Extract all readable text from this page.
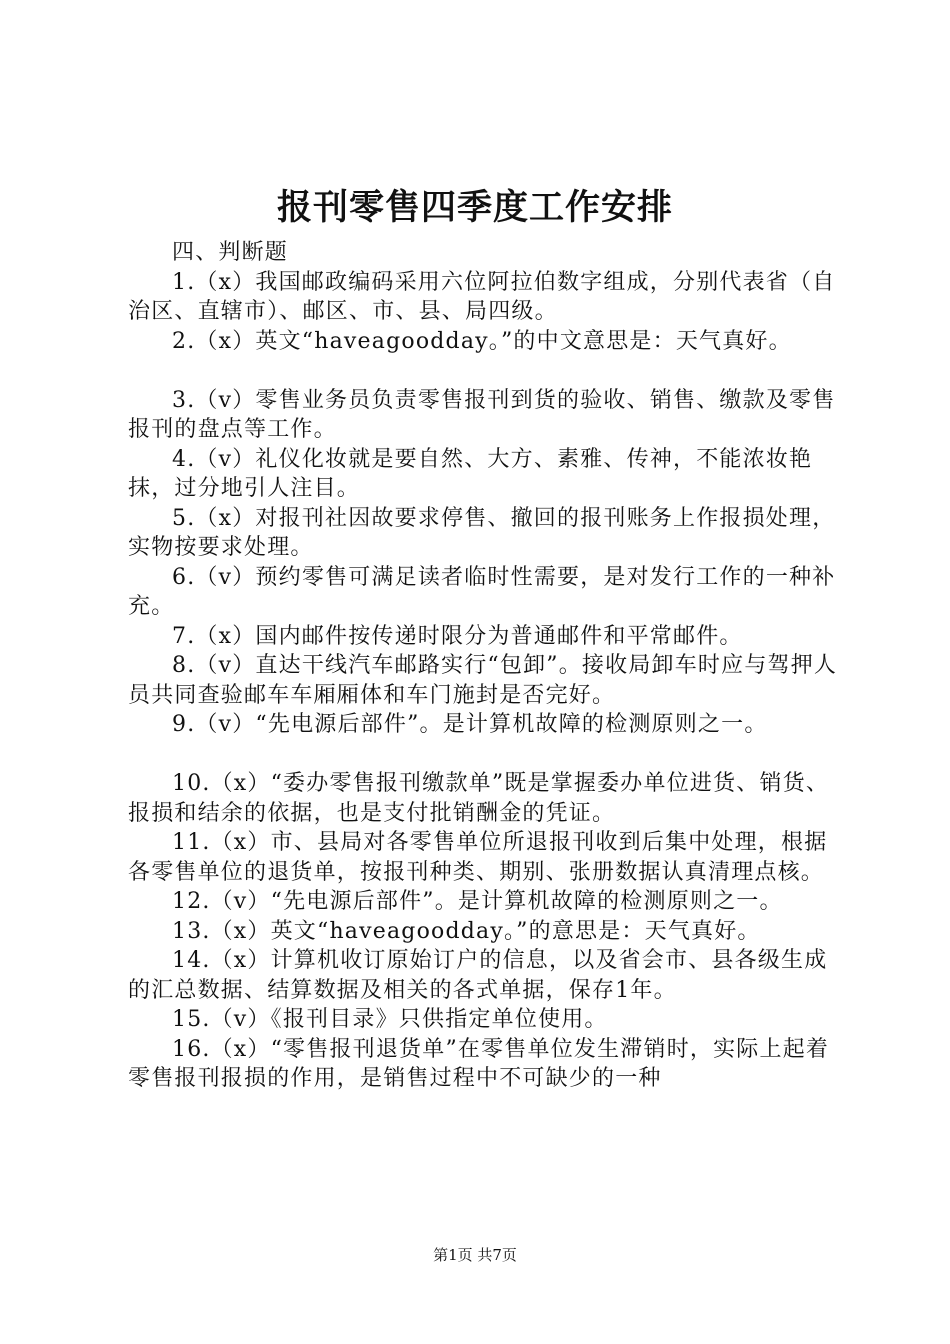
报刊零售四季度工作安排

四、判断题

1.（x）我国邮政编码采用六位阿拉伯数字组成，分别代表省（自治区、直辖市）、邮区、市、县、局四级。

2.（x）英文“haveagoodday。”的中文意思是：天气真好。

3.（v）零售业务员负责零售报刊到货的验收、销售、缴款及零售报刊的盘点等工作。

4.（v）礼仪化妆就是要自然、大方、素雅、传神，不能浓妆艳抹，过分地引人注目。

5.（x）对报刊社因故要求停售、撤回的报刊账务上作报损处理，实物按要求处理。

6.（v）预约零售可满足读者临时性需要，是对发行工作的一种补充。

7.（x）国内邮件按传递时限分为普通邮件和平常邮件。

8.（v）直达干线汽车邮路实行“包卸”。接收局卸车时应与驾押人员共同查验邮车车厢厢体和车门施封是否完好。

9.（v）“先电源后部件”。是计算机故障的检测原则之一。

10.（x）“委办零售报刊缴款单”既是掌握委办单位进货、销货、报损和结余的依据，也是支付批销酬金的凭证。

11.（x）市、县局对各零售单位所退报刊收到后集中处理，根据各零售单位的退货单，按报刊种类、期别、张册数据认真清理点核。

12.（v）“先电源后部件”。是计算机故障的检测原则之一。

13.（x）英文“haveagoodday。”的意思是：天气真好。

14.（x）计算机收订原始订户的信息，以及省会市、县各级生成的汇总数据、结算数据及相关的各式单据，保存1年。

15.（v）《报刊目录》只供指定单位使用。

16.（x）“零售报刊退货单”在零售单位发生滞销时，实际上起着零售报刊报损的作用，是销售过程中不可缺少的一种

第1页 共7页
